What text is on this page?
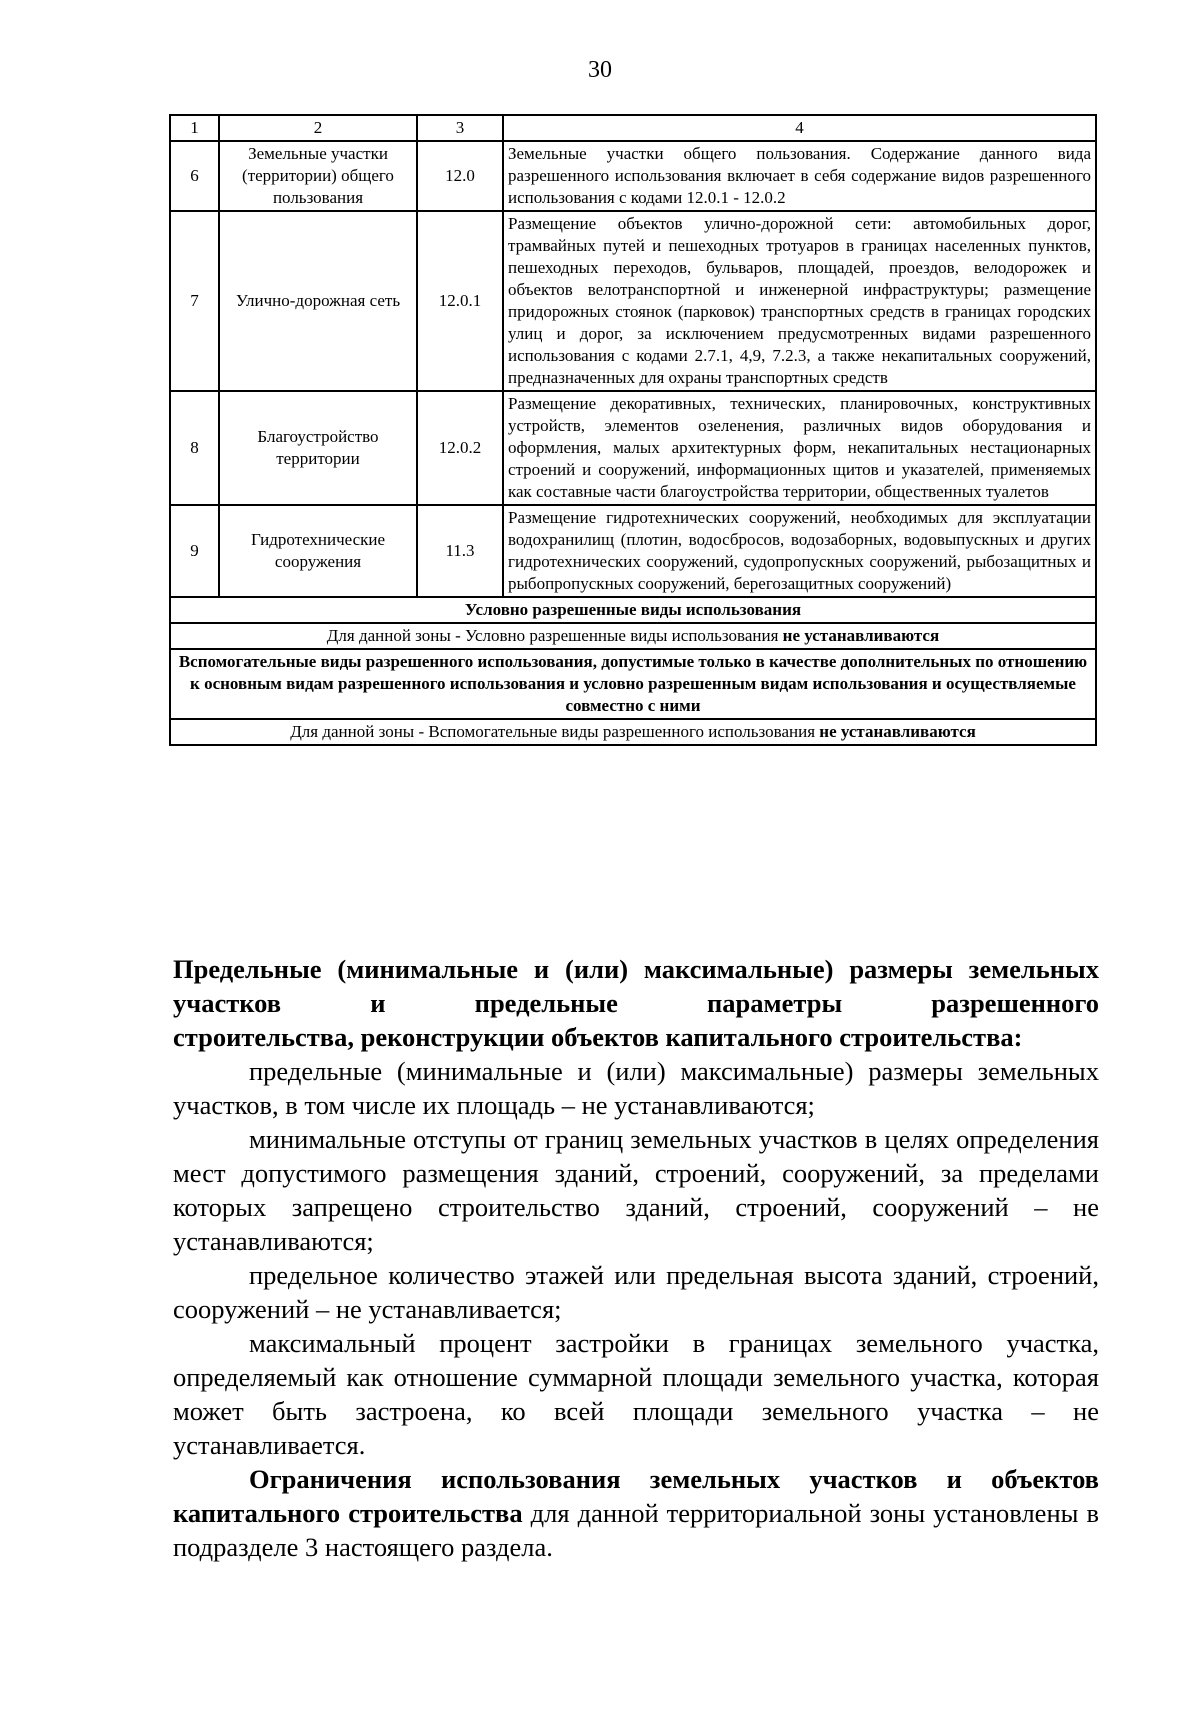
30
1	2	3	4
6	Земельные участки (территории) общего пользования	12.0	Земельные участки общего пользования. Содержание данного вида разрешенного использования включает в себя содержание видов разрешенного использования с кодами 12.0.1 - 12.0.2
7	Улично-дорожная сеть	12.0.1	Размещение объектов улично-дорожной сети: автомобильных дорог, трамвайных путей и пешеходных тротуаров в границах населенных пунктов, пешеходных переходов, бульваров, площадей, проездов, велодорожек и объектов велотранспортной и инженерной инфраструктуры; размещение придорожных стоянок (парковок) транспортных средств в границах городских улиц и дорог, за исключением предусмотренных видами разрешенного использования с кодами 2.7.1, 4,9, 7.2.3, а также некапитальных сооружений, предназначенных для охраны транспортных средств
8	Благоустройство территории	12.0.2	Размещение декоративных, технических, планировочных, конструктивных устройств, элементов озеленения, различных видов оборудования и оформления, малых архитектурных форм, некапитальных нестационарных строений и сооружений, информационных щитов и указателей, применяемых как составные части благоустройства территории, общественных туалетов
9	Гидротехнические сооружения	11.3	Размещение гидротехнических сооружений, необходимых для эксплуатации водохранилищ (плотин, водосбросов, водозаборных, водовыпускных и других гидротехнических сооружений, судопропускных сооружений, рыбозащитных и рыбопропускных сооружений, берегозащитных сооружений)
Условно разрешенные виды использования			
Для данной зоны - Условно разрешенные виды использования не устанавливаются			
Вспомогательные виды разрешенного использования, допустимые только в качестве дополнительных по отношению к основным видам разрешенного использования и условно разрешенным видам использования и осуществляемые совместно с ними			
Для данной зоны - Вспомогательные виды разрешенного использования не устанавливаются			

Предельные (минимальные и (или) максимальные) размеры земельных участков и предельные параметры разрешенного
строительства, реконструкции объектов капитального строительства:

предельные (минимальные и (или) максимальные) размеры земельных участков, в том числе их площадь – не устанавливаются;

минимальные отступы от границ земельных участков в целях определения мест допустимого размещения зданий, строений, сооружений, за пределами которых запрещено строительство зданий, строений, сооружений – не устанавливаются;

предельное количество этажей или предельная высота зданий, строений, сооружений – не устанавливается;

максимальный процент застройки в границах земельного участка, определяемый как отношение суммарной площади земельного участка, которая может быть застроена, ко всей площади земельного участка – не устанавливается.

Ограничения использования земельных участков и объектов капитального строительства для данной территориальной зоны установлены в подразделе 3 настоящего раздела.
